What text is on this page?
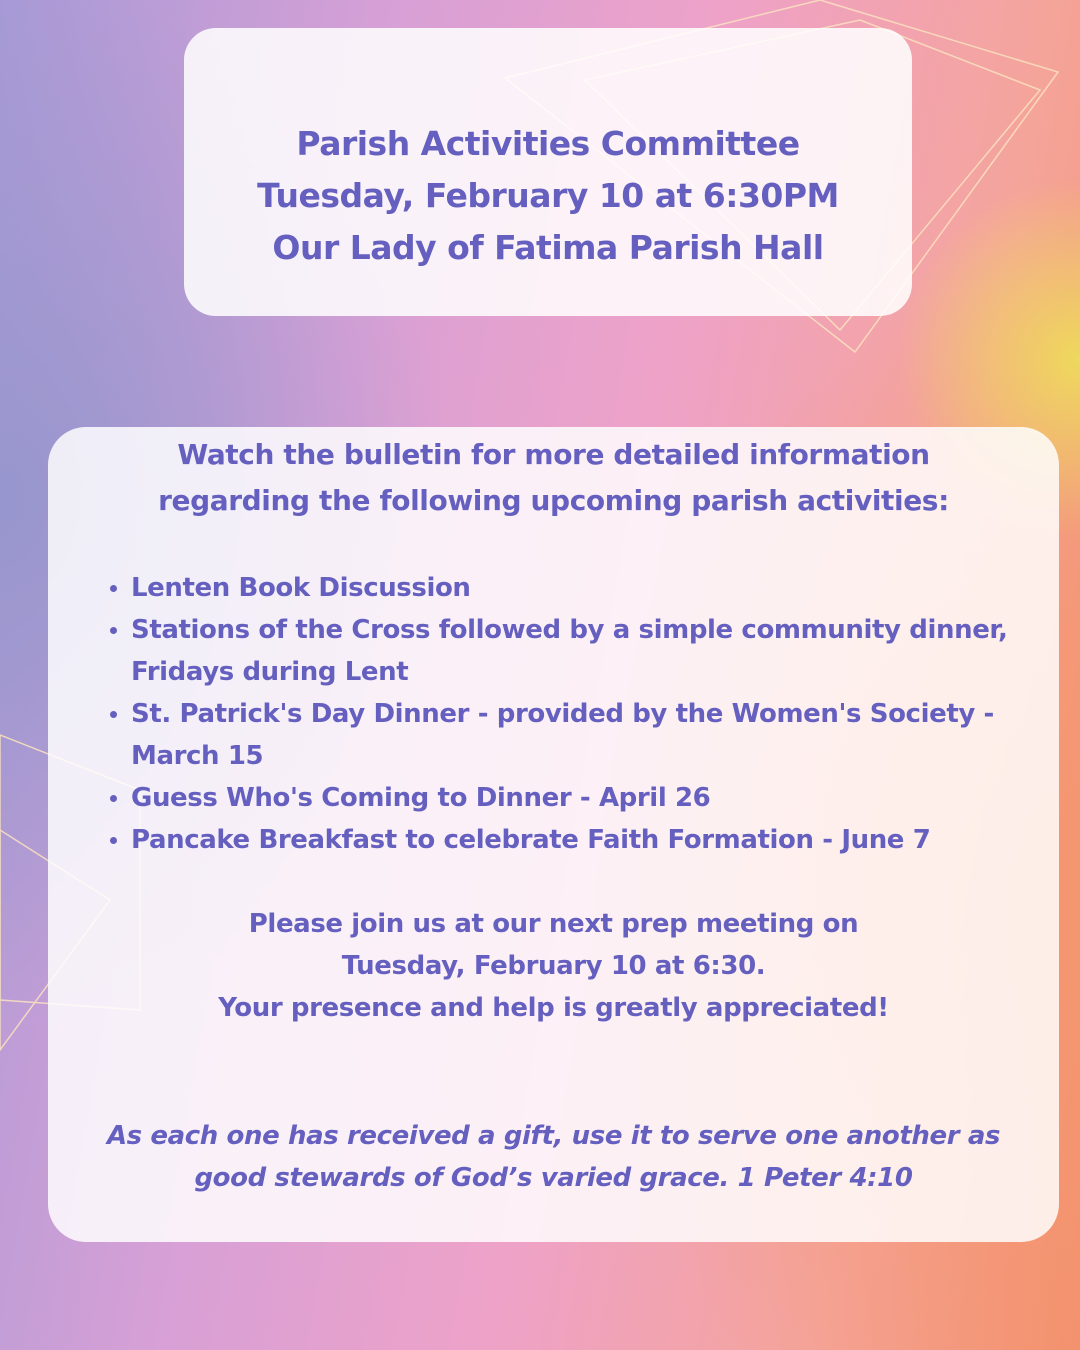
Parish Activities Committee
Tuesday, February 10 at 6:30PM
Our Lady of Fatima Parish Hall
Watch the bulletin for more detailed information
regarding the following upcoming parish activities:
Lenten Book Discussion
Stations of the Cross followed by a simple community dinner, Fridays during Lent
St. Patrick's Day Dinner - provided by the Women's Society - March 15
Guess Who's Coming to Dinner - April 26
Pancake Breakfast to celebrate Faith Formation - June 7
Please join us at our next prep meeting on
Tuesday, February 10 at 6:30.
Your presence and help is greatly appreciated!
As each one has received a gift, use it to serve one another as
good stewards of God’s varied grace. 1 Peter 4:10
